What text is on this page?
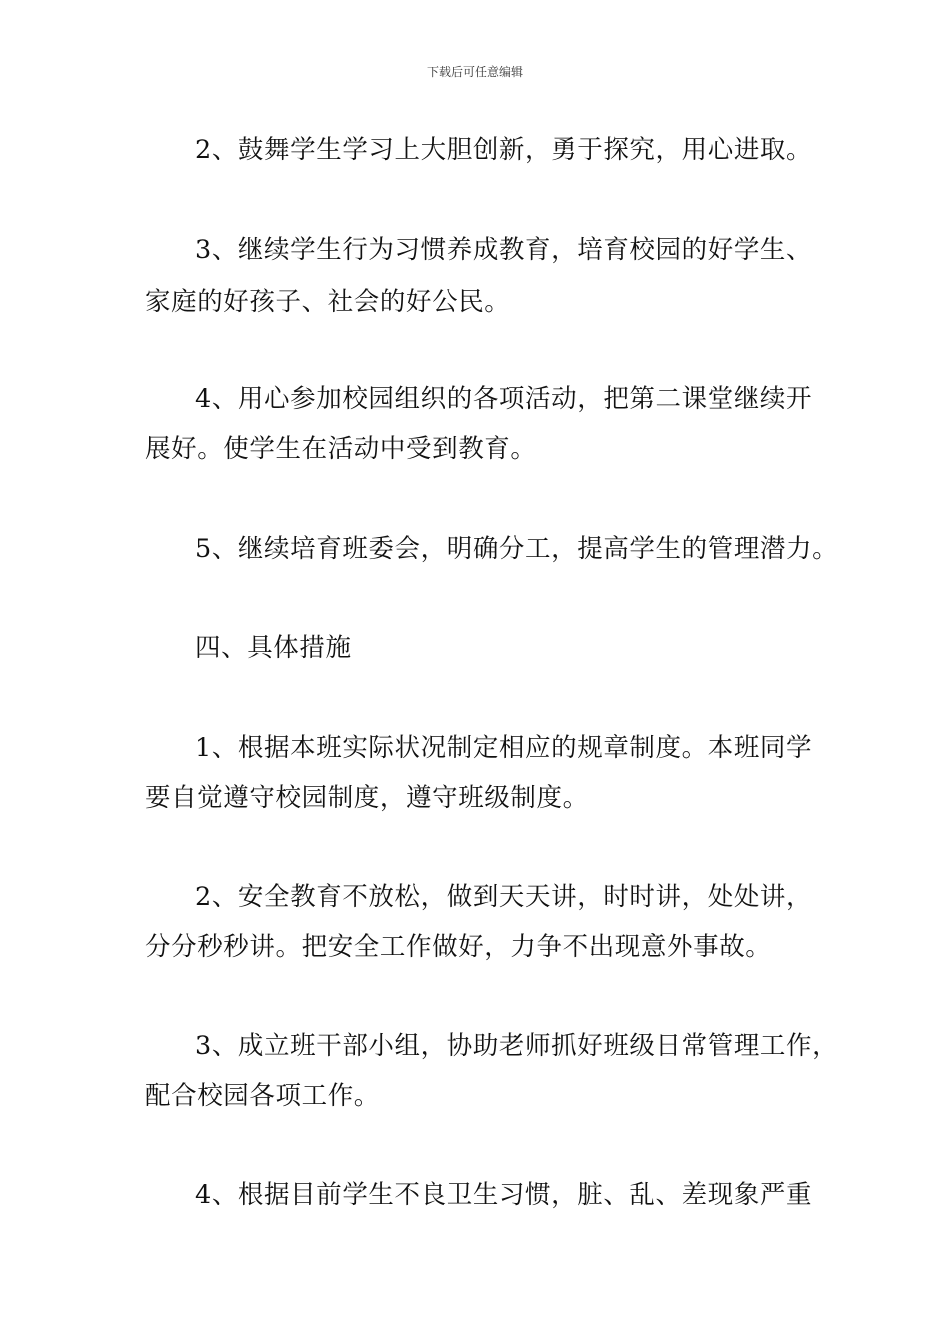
下载后可任意编辑
2、鼓舞学生学习上大胆创新，勇于探究，用心进取。
3、继续学生行为习惯养成教育，培育校园的好学生、
家庭的好孩子、社会的好公民。
4、用心参加校园组织的各项活动，把第二课堂继续开
展好。使学生在活动中受到教育。
5、继续培育班委会，明确分工，提高学生的管理潜力。
四、具体措施
1、根据本班实际状况制定相应的规章制度。本班同学
要自觉遵守校园制度，遵守班级制度。
2、安全教育不放松，做到天天讲，时时讲，处处讲，
分分秒秒讲。把安全工作做好，力争不出现意外事故。
3、成立班干部小组，协助老师抓好班级日常管理工作，
配合校园各项工作。
4、根据目前学生不良卫生习惯，脏、乱、差现象严重
